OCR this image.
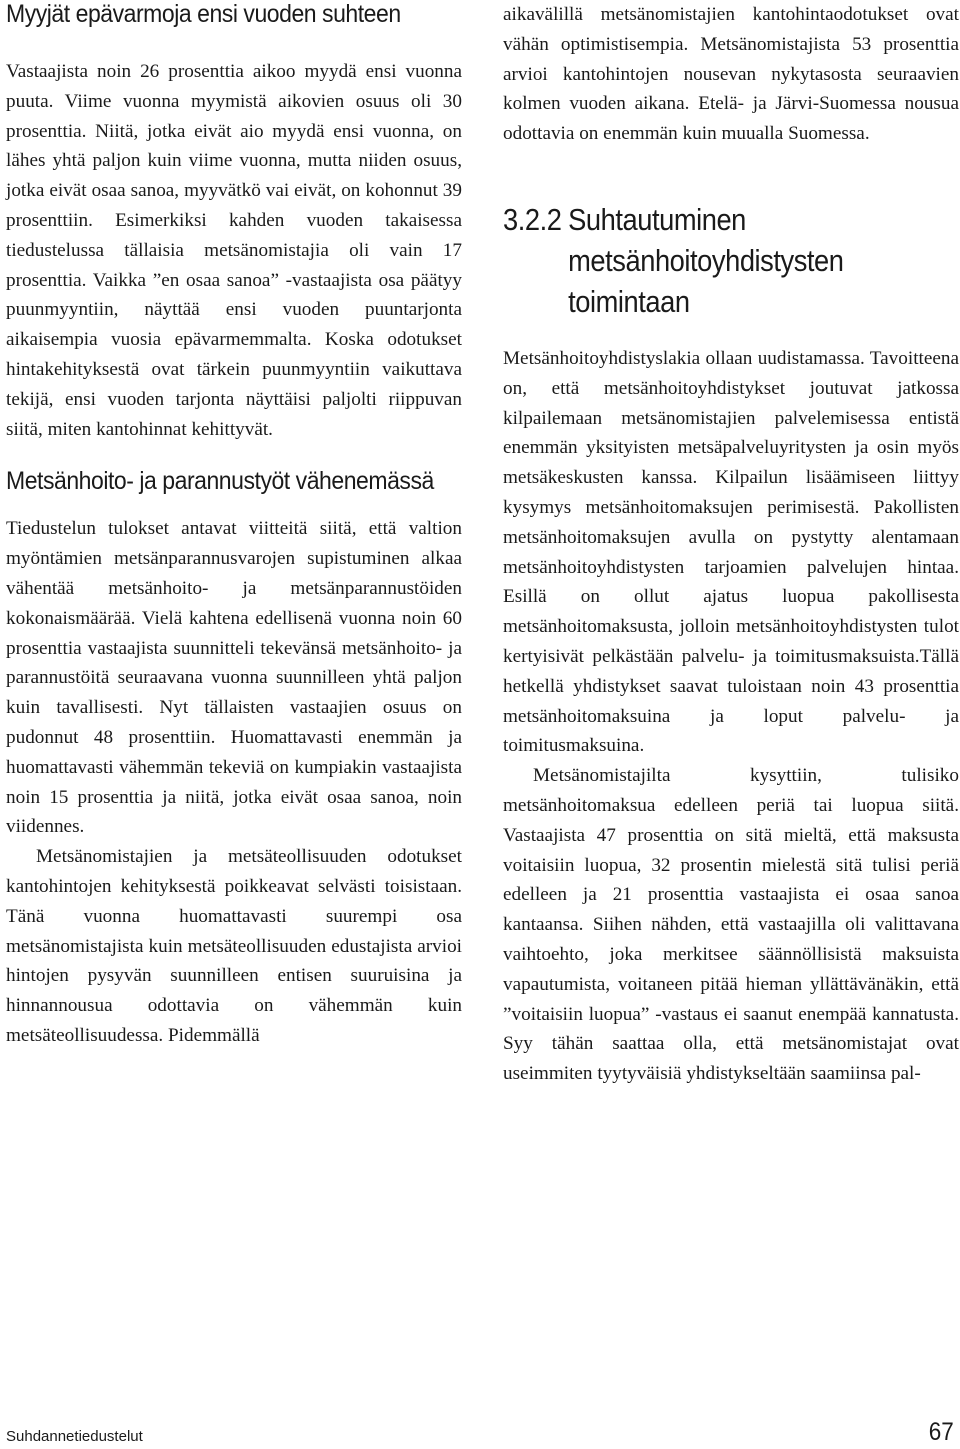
Myyjät epävarmoja ensi vuoden suhteen

Vastaajista noin 26 prosenttia aikoo myydä ensi vuonna puuta. Viime vuonna myymistä aikovien osuus oli 30 prosenttia. Niitä, jotka eivät aio myydä ensi vuonna, on lähes yhtä paljon kuin viime vuonna, mutta niiden osuus, jotka eivät osaa sanoa, myyvätkö vai eivät, on kohonnut 39 prosenttiin. Esimerkiksi kahden vuoden takaisessa tiedustelussa tällaisia metsänomistajia oli vain 17 prosenttia. Vaikka ”en osaa sanoa” -vastaajista osa päätyy puunmyyntiin, näyttää ensi vuoden puuntarjonta aikaisempia vuosia epävarmemmalta. Koska odotukset hintakehityksestä ovat tärkein puunmyyntiin vaikuttava tekijä, ensi vuoden tarjonta näyttäisi paljolti riippuvan siitä, miten kantohinnat kehittyvät.

Metsänhoito- ja parannustyöt vähenemässä

Tiedustelun tulokset antavat viitteitä siitä, että valtion myöntämien metsänparannusvarojen supistuminen alkaa vähentää metsänhoito- ja metsänparannustöiden kokonaismäärää. Vielä kahtena edellisenä vuonna noin 60 prosenttia vastaajista suunnitteli tekevänsä metsänhoito- ja parannustöitä seuraavana vuonna suunnilleen yhtä paljon kuin tavallisesti. Nyt tällaisten vastaajien osuus on pudonnut 48 prosenttiin. Huomattavasti enemmän ja huomattavasti vähemmän tekeviä on kumpiakin vastaajista noin 15 prosenttia ja niitä, jotka eivät osaa sanoa, noin viidennes.

Metsänomistajien ja metsäteollisuuden odotukset kantohintojen kehityksestä poikkeavat selvästi toisistaan. Tänä vuonna huomattavasti suurempi osa metsänomistajista kuin metsäteollisuuden edustajista arvioi hintojen pysyvän suunnilleen entisen suuruisina ja hinnannousua odottavia on vähemmän kuin metsäteollisuudessa. Pidemmällä

aikavälillä metsänomistajien kantohintaodotukset ovat vähän optimistisempia. Metsänomistajista 53 prosenttia arvioi kantohintojen nousevan nykytasosta seuraavien kolmen vuoden aikana. Etelä- ja Järvi-Suomessa nousua odottavia on enemmän kuin muualla Suomessa.

3.2.2 Suhtautuminen metsänhoitoyhdistysten toimintaan

Metsänhoitoyhdistyslakia ollaan uudistamassa. Tavoitteena on, että metsänhoitoyhdistykset joutuvat jatkossa kilpailemaan metsänomistajien palvelemisessa entistä enemmän yksityisten metsäpalveluyritysten ja osin myös metsäkeskusten kanssa. Kilpailun lisäämiseen liittyy kysymys metsänhoitomaksujen perimisestä. Pakollisten metsänhoitomaksujen avulla on pystytty alentamaan metsänhoitoyhdistysten tarjoamien palvelujen hintaa. Esillä on ollut ajatus luopua pakollisesta metsänhoitomaksusta, jolloin metsänhoitoyhdistysten tulot kertyisivät pelkästään palvelu- ja toimitusmaksuista.Tällä hetkellä yhdistykset saavat tuloistaan noin 43 prosenttia metsänhoitomaksuina ja loput palvelu- ja toimitusmaksuina.

Metsänomistajilta kysyttiin, tulisiko metsänhoitomaksua edelleen periä tai luopua siitä. Vastaajista 47 prosenttia on sitä mieltä, että maksusta voitaisiin luopua, 32 prosentin mielestä sitä tulisi periä edelleen ja 21 prosenttia vastaajista ei osaa sanoa kantaansa. Siihen nähden, että vastaajilla oli valittavana vaihtoehto, joka merkitsee säännöllisistä maksuista vapautumista, voitaneen pitää hieman yllättävänäkin, että ”voitaisiin luopua” -vastaus ei saanut enempää kannatusta. Syy tähän saattaa olla, että metsänomistajat ovat useimmiten tyytyväisiä yhdistykseltään saamiinsa pal-

Suhdannetiedustelut	67
